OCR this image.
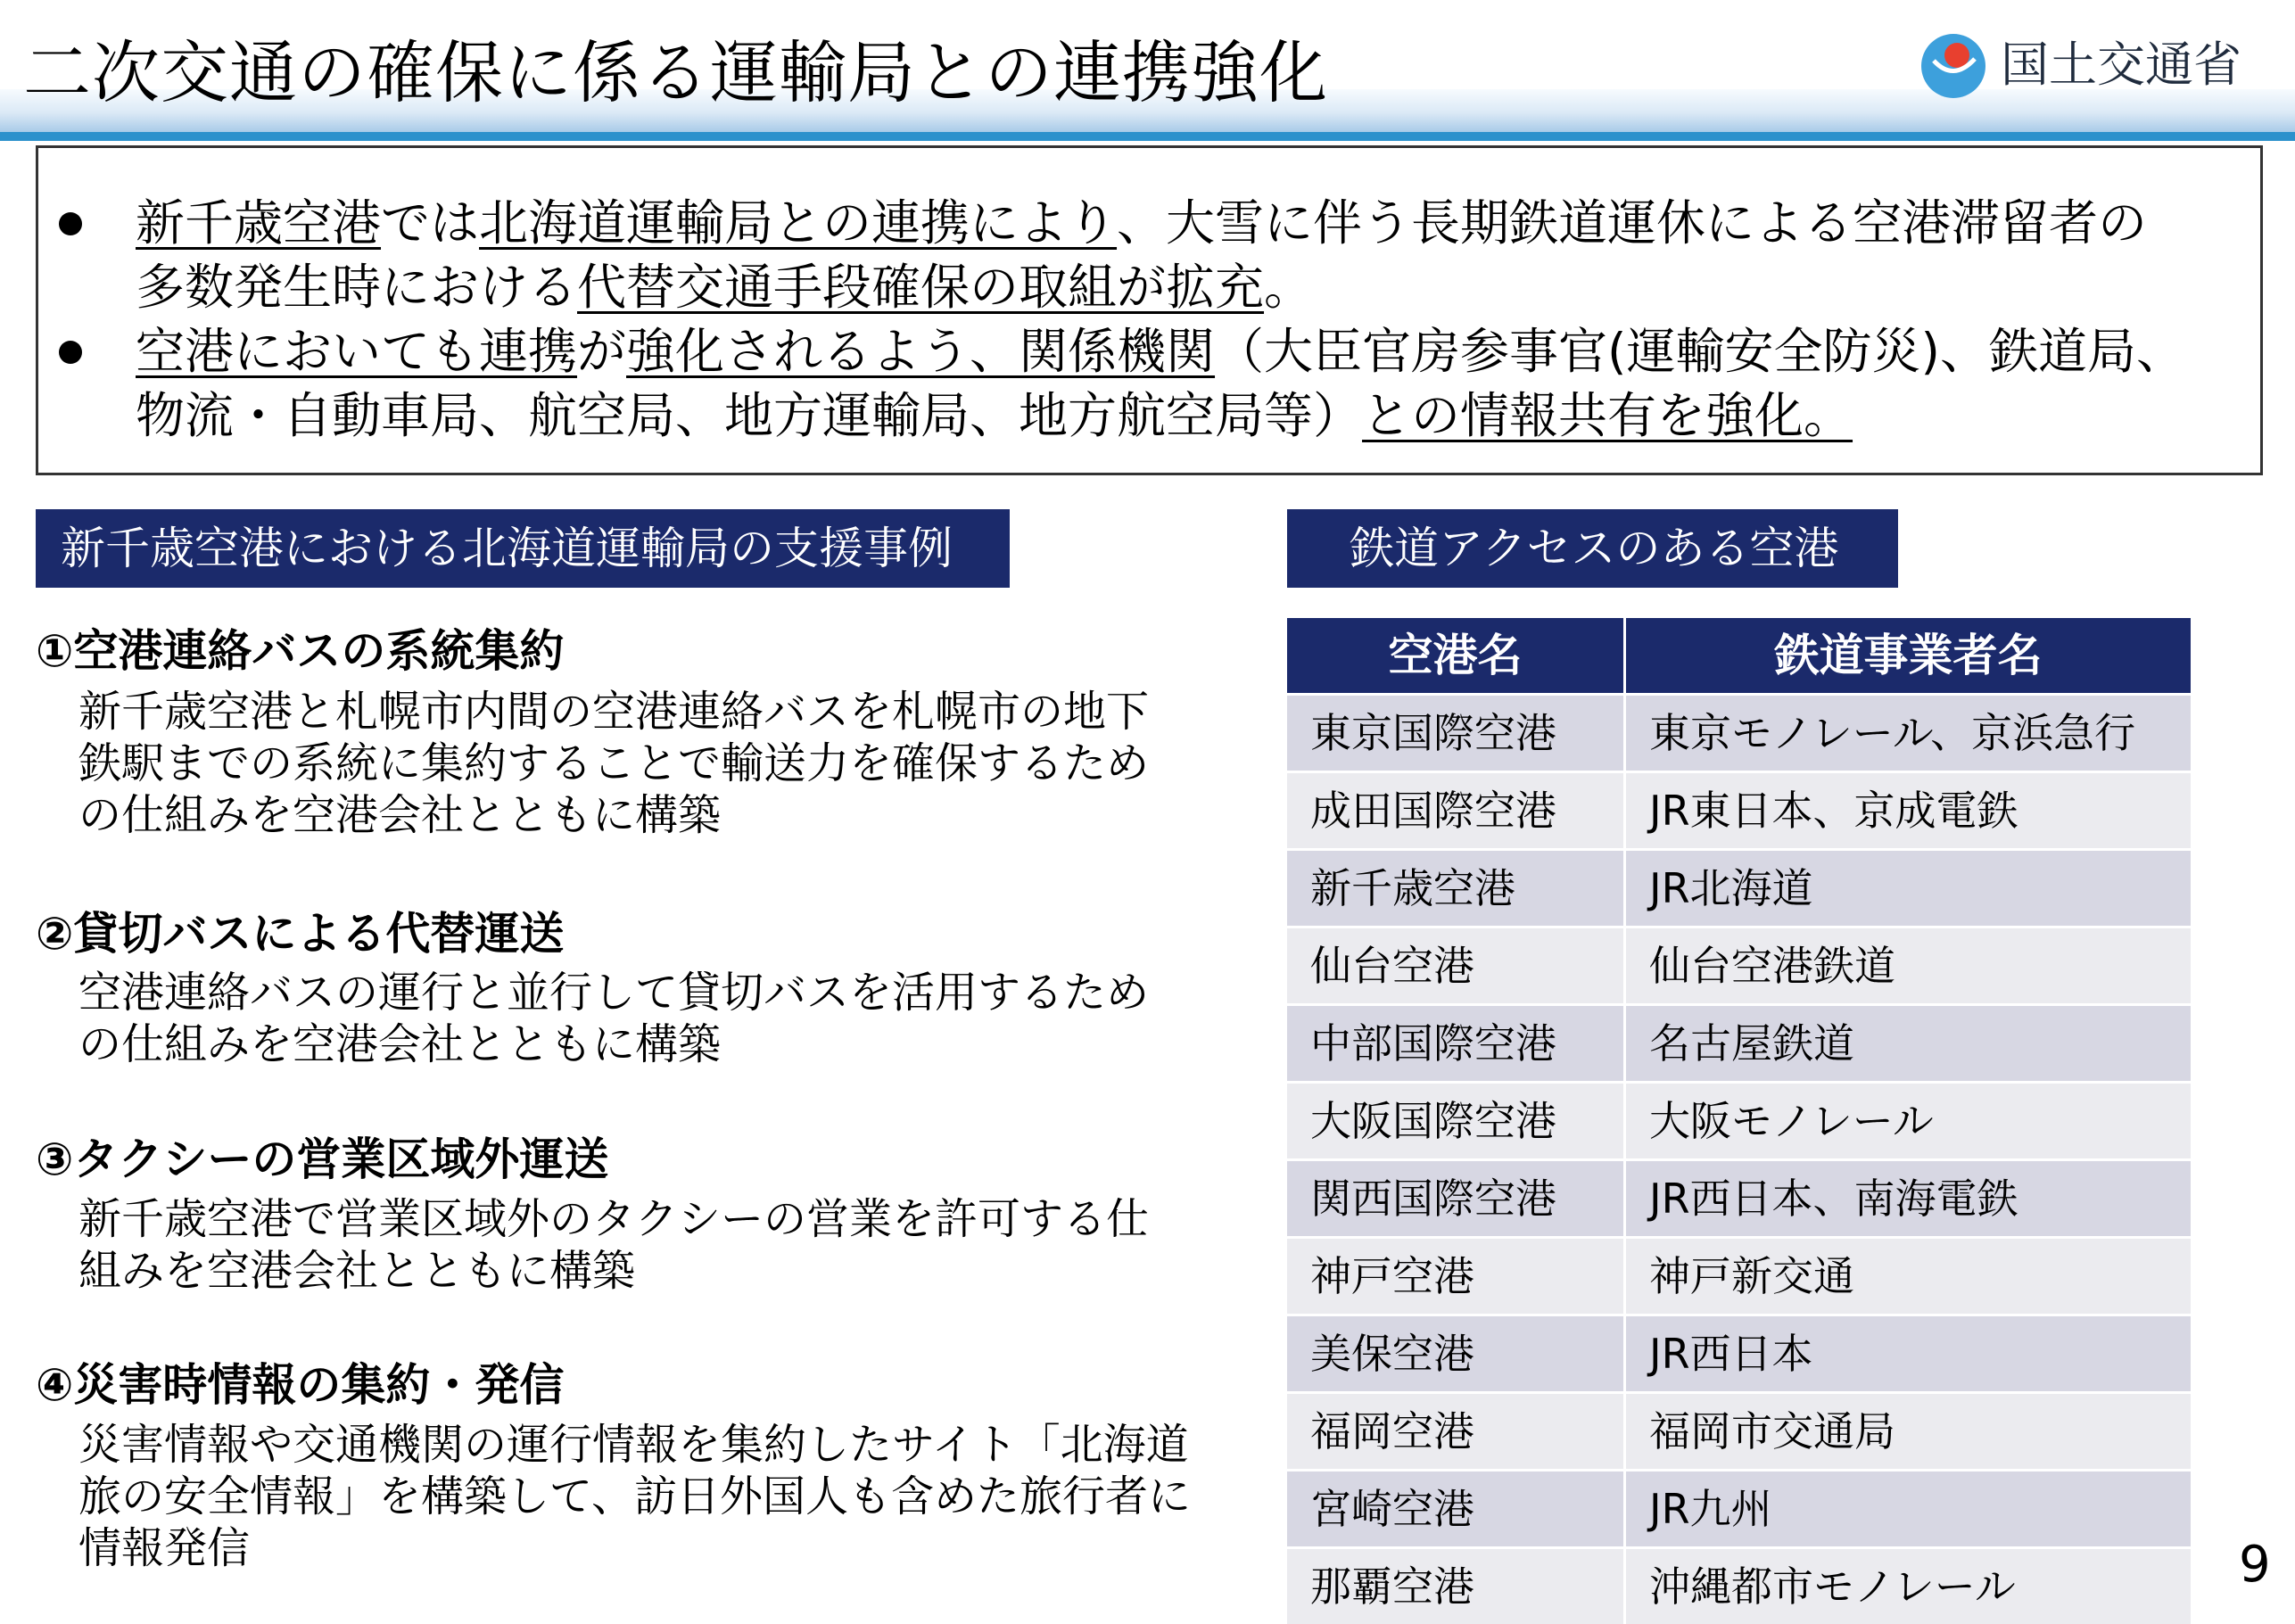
二次交通の確保に係る運輸局との連携強化	国土交通省
新千歳空港では北海道運輸局との連携により、大雪に伴う長期鉄道運休による空港滞留者の
多数発生時における代替交通手段確保の取組が拡充。
空港においても連携が強化されるよう、関係機関（大臣官房参事官(運輸安全防災)、鉄道局、
物流・自動車局、航空局、地方運輸局、地方航空局等）との情報共有を強化。
新千歳空港における北海道運輸局の支援事例
①空港連絡バスの系統集約
新千歳空港と札幌市内間の空港連絡バスを札幌市の地下
鉄駅までの系統に集約することで輸送力を確保するため
の仕組みを空港会社とともに構築
②貸切バスによる代替運送
空港連絡バスの運行と並行して貸切バスを活用するため
の仕組みを空港会社とともに構築
③タクシーの営業区域外運送
新千歳空港で営業区域外のタクシーの営業を許可する仕
組みを空港会社とともに構築
④災害時情報の集約・発信
災害情報や交通機関の運行情報を集約したサイト「北海道
旅の安全情報」を構築して、訪日外国人も含めた旅行者に
情報発信
鉄道アクセスのある空港
空港名	鉄道事業者名
東京国際空港	東京モノレール、京浜急行
成田国際空港	JR東日本、京成電鉄
新千歳空港	JR北海道
仙台空港	仙台空港鉄道
中部国際空港	名古屋鉄道
大阪国際空港	大阪モノレール
関西国際空港	JR西日本、南海電鉄
神戸空港	神戸新交通
美保空港	JR西日本
福岡空港	福岡市交通局
宮崎空港	JR九州
那覇空港	沖縄都市モノレール	9
